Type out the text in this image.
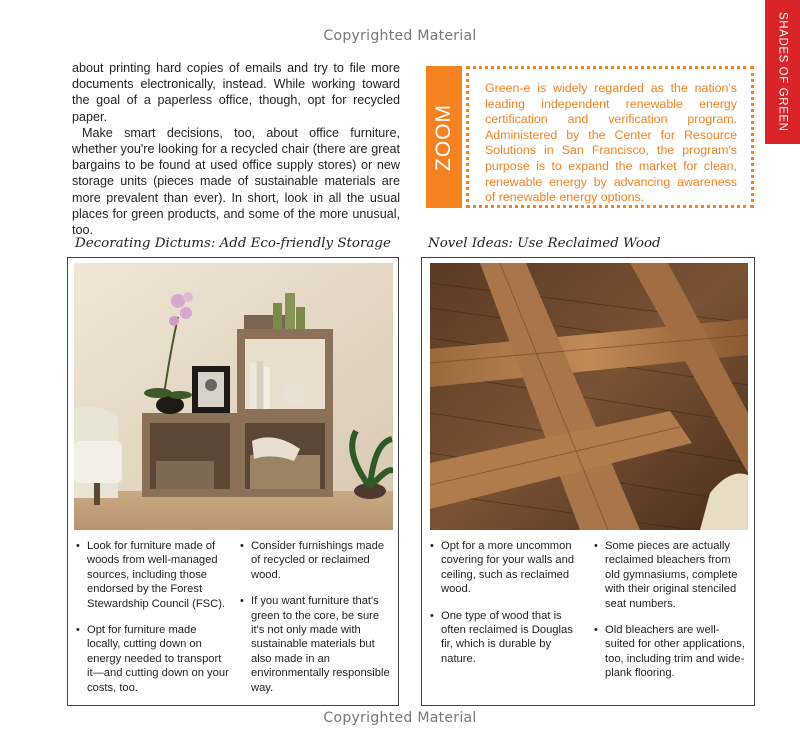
Copyrighted Material	SHADES OF GREEN

about printing hard copies of emails and try to file more documents electronically, instead. While working toward the goal of a paperless office, though, opt for recycled paper.

Make smart decisions, too, about office furniture, whether you're looking for a recycled chair (there are great bargains to be found at used office supply stores) or new storage units (pieces made of sustainable materials are more prevalent than ever). In short, look in all the usual places for green products, and some of the more unusual, too.

ZOOM
Green-e is widely regarded as the nation's leading independent renewable energy certification and verification program. Administered by the Center for Resource Solutions in San Francisco, the program's purpose is to expand the market for clean, renewable energy by advancing awareness of renewable energy options.
Decorating Dictums: Add Eco-friendly Storage	Novel Ideas: Use Reclaimed Wood
• Look for furniture made of woods from well-managed sources, including those endorsed by the Forest Stewardship Council (FSC).
• Opt for furniture made locally, cutting down on energy needed to transport it—and cutting down on your costs, too.
• Consider furnishings made of recycled or reclaimed wood.
• If you want furniture that's green to the core, be sure it's not only made with sustainable materials but also made in an environmentally responsible way.
• Opt for a more uncommon covering for your walls and ceiling, such as reclaimed wood.
• One type of wood that is often reclaimed is Douglas fir, which is durable by nature.
• Some pieces are actually reclaimed bleachers from old gymnasiums, complete with their original stenciled seat numbers.
• Old bleachers are well-suited for other applications, too, including trim and wide-plank flooring.
Copyrighted Material
